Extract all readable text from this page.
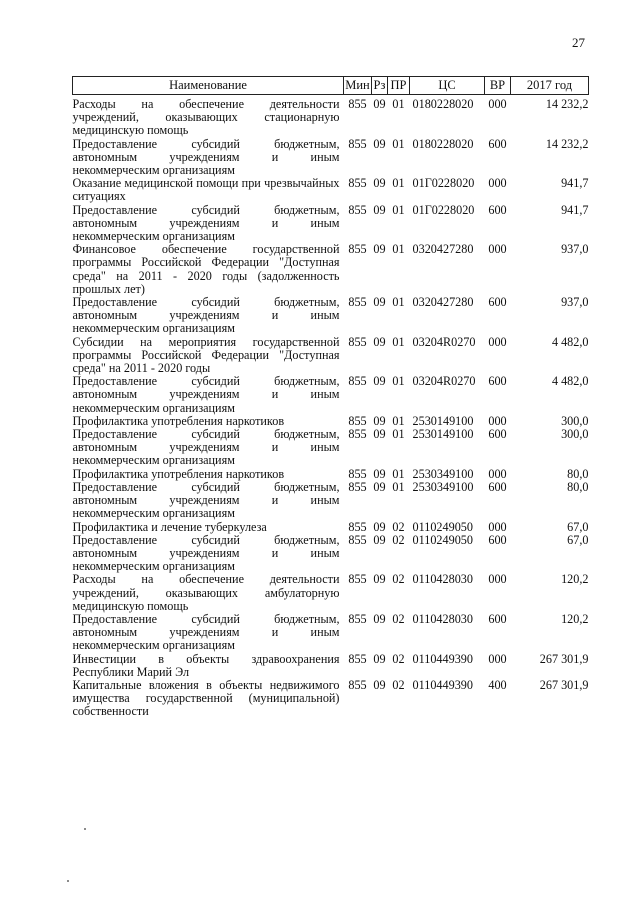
27
Наименование	Мин	Рз	ПР	ЦС	ВР	2017 год
Расходы на обеспечение деятельности учреждений, оказывающих стационарную медицинскую помощь	855	09	01	0180228020	000	14 232,2
Предоставление субсидий бюджетным, автономным учреждениям и иным некоммерческим организациям	855	09	01	0180228020	600	14 232,2
Оказание медицинской помощи при чрезвычайных ситуациях	855	09	01	01Г0228020	000	941,7
Предоставление субсидий бюджетным, автономным учреждениям и иным некоммерческим организациям	855	09	01	01Г0228020	600	941,7
Финансовое обеспечение государственной программы Российской Федерации "Доступная среда" на 2011 - 2020 годы (задолженность прошлых лет)	855	09	01	0320427280	000	937,0
Предоставление субсидий бюджетным, автономным учреждениям и иным некоммерческим организациям	855	09	01	0320427280	600	937,0
Субсидии на мероприятия государственной программы Российской Федерации "Доступная среда" на 2011 - 2020 годы	855	09	01	03204R0270	000	4 482,0
Предоставление субсидий бюджетным, автономным учреждениям и иным некоммерческим организациям	855	09	01	03204R0270	600	4 482,0
Профилактика употребления наркотиков	855	09	01	2530149100	000	300,0
Предоставление субсидий бюджетным, автономным учреждениям и иным некоммерческим организациям	855	09	01	2530149100	600	300,0
Профилактика употребления наркотиков	855	09	01	2530349100	000	80,0
Предоставление субсидий бюджетным, автономным учреждениям и иным некоммерческим организациям	855	09	01	2530349100	600	80,0
Профилактика и лечение туберкулеза	855	09	02	0110249050	000	67,0
Предоставление субсидий бюджетным, автономным учреждениям и иным некоммерческим организациям	855	09	02	0110249050	600	67,0
Расходы на обеспечение деятельности учреждений, оказывающих амбулаторную медицинскую помощь	855	09	02	0110428030	000	120,2
Предоставление субсидий бюджетным, автономным учреждениям и иным некоммерческим организациям	855	09	02	0110428030	600	120,2
Инвестиции в объекты здравоохранения Республики Марий Эл	855	09	02	0110449390	000	267 301,9
Капитальные вложения в объекты недвижимого имущества государственной (муниципальной) собственности	855	09	02	0110449390	400	267 301,9
